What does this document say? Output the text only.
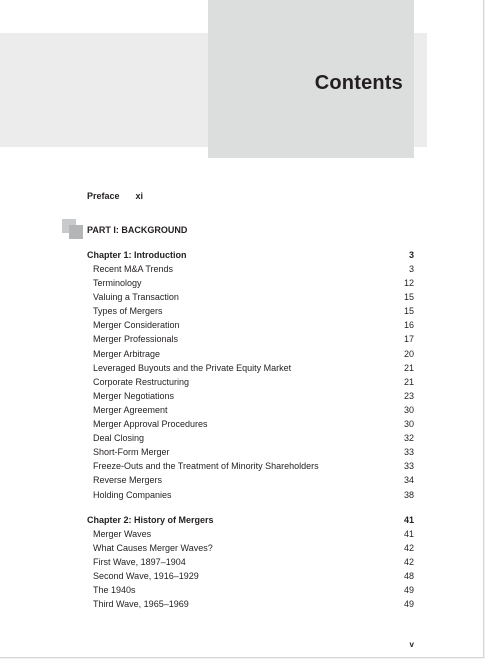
Contents
Preface xi
PART I: BACKGROUND
Chapter 1: Introduction	3
Recent M&A Trends	3
Terminology	12
Valuing a Transaction	15
Types of Mergers	15
Merger Consideration	16
Merger Professionals	17
Merger Arbitrage	20
Leveraged Buyouts and the Private Equity Market	21
Corporate Restructuring	21
Merger Negotiations	23
Merger Agreement	30
Merger Approval Procedures	30
Deal Closing	32
Short-Form Merger	33
Freeze-Outs and the Treatment of Minority Shareholders	33
Reverse Mergers	34
Holding Companies	38
Chapter 2: History of Mergers	41
Merger Waves	41
What Causes Merger Waves?	42
First Wave, 1897–1904	42
Second Wave, 1916–1929	48
The 1940s	49
Third Wave, 1965–1969	49
v
